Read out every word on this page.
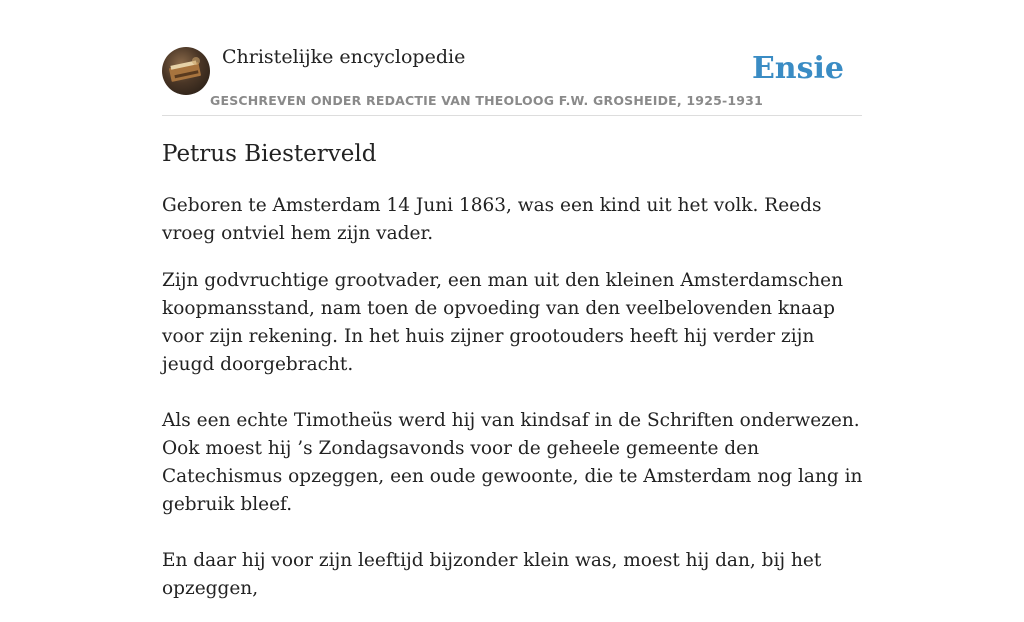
Christelijke encyclopedie
GESCHREVEN ONDER REDACTIE VAN THEOLOOG F.W. GROSHEIDE, 1925-1931
Ensie
Petrus Biesterveld

Geboren te Amsterdam 14 Juni 1863, was een kind uit het volk. Reeds vroeg ontviel hem zijn vader.

Zijn godvruchtige grootvader, een man uit den kleinen Amsterdamschen koopmansstand, nam toen de opvoeding van den veelbelovenden knaap voor zijn rekening. In het huis zijner grootouders heeft hij verder zijn jeugd doorgebracht.

Als een echte Timotheüs werd hij van kindsaf in de Schriften onderwezen. Ook moest hij ’s Zondagsavonds voor de geheele gemeente den Catechismus opzeggen, een oude gewoonte, die te Amsterdam nog lang in gebruik bleef.

En daar hij voor zijn leeftijd bijzonder klein was, moest hij dan, bij het opzeggen,
